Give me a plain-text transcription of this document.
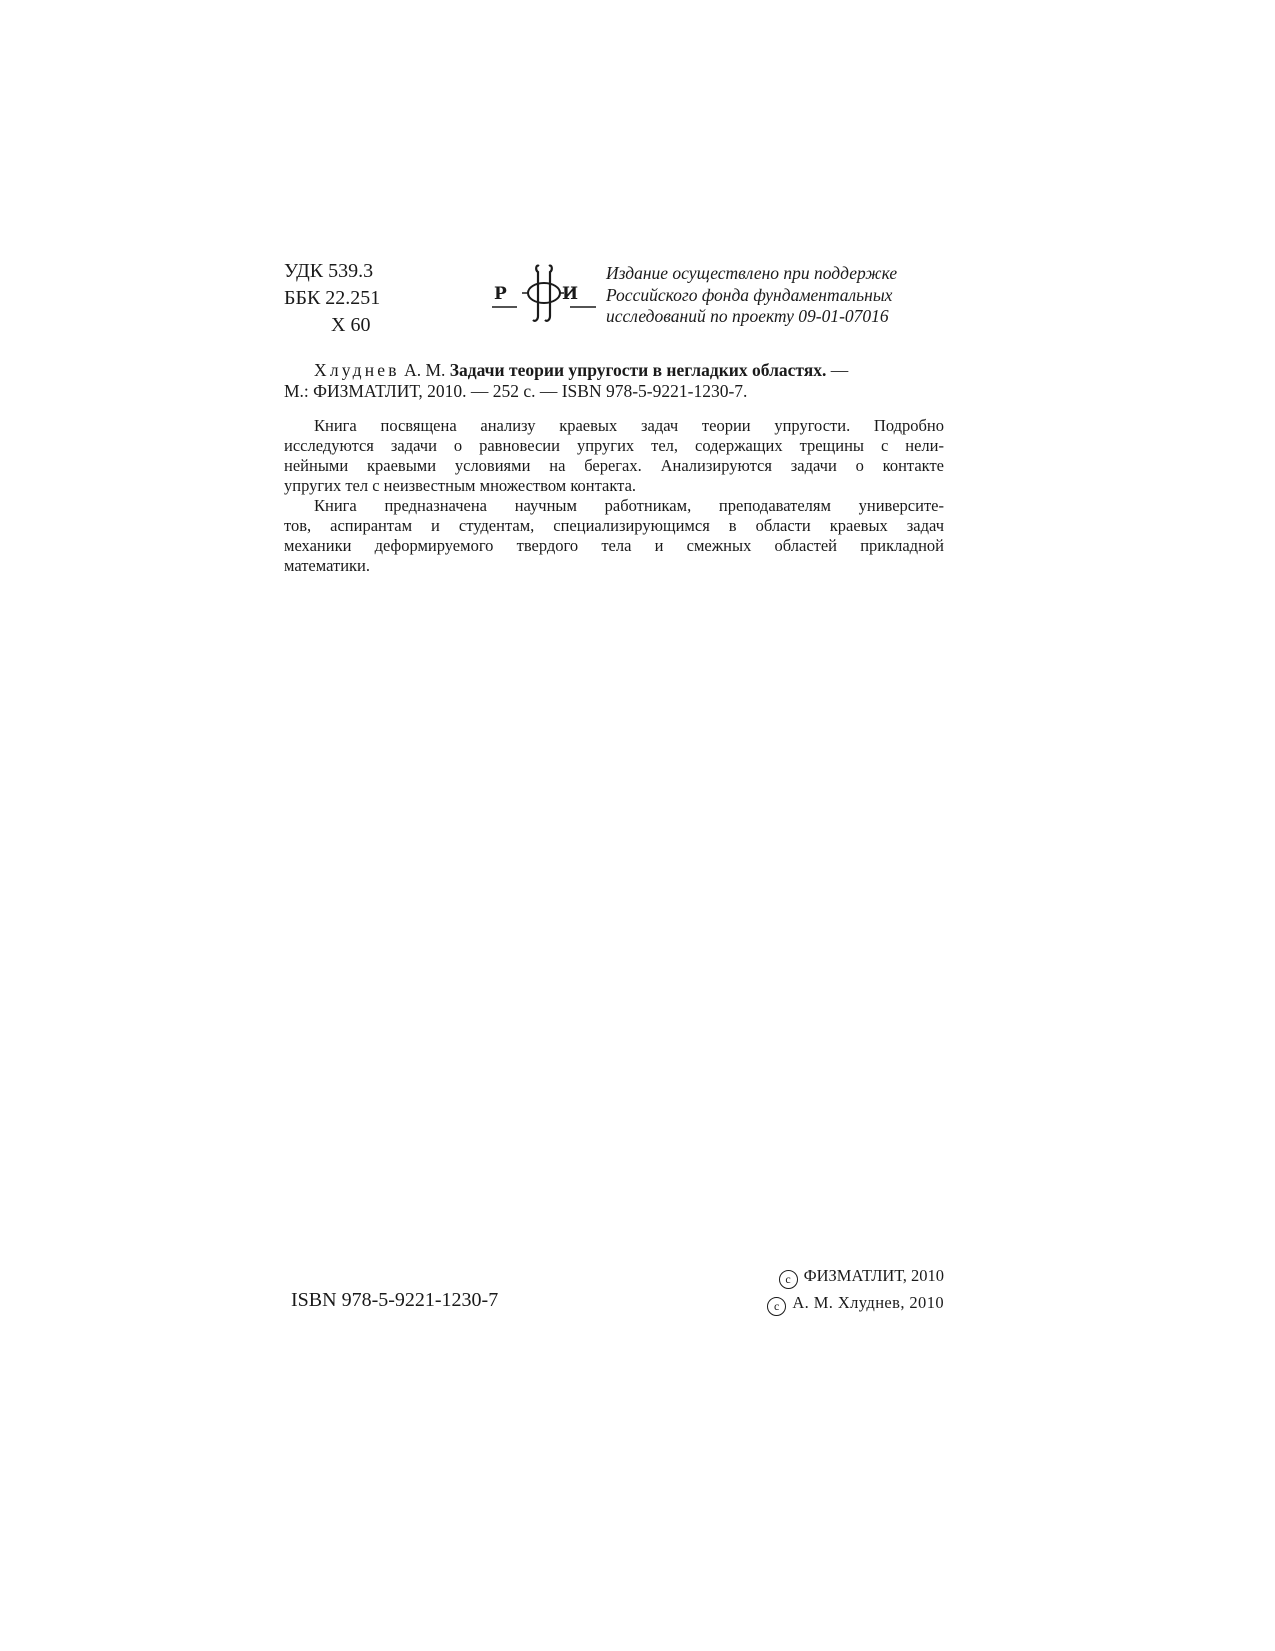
УДК 539.3
ББК 22.251
Х 60
Р	И
Издание осуществлено при поддержке
Российского фонда фундаментальных
исследований по проекту 09-01-07016
Хлуднев А. М. Задачи теории упругости в негладких областях. —
М.: ФИЗМАТЛИТ, 2010. — 252 с. — ISBN 978-5-9221-1230-7.
Книга посвящена анализу краевых задач теории упругости. Подробно
исследуются задачи о равновесии упругих тел, содержащих трещины с нели-
нейными краевыми условиями на берегах. Анализируются задачи о контакте
упругих тел с неизвестным множеством контакта.
Книга предназначена научным работникам, преподавателям университе-
тов, аспирантам и студентам, специализирующимся в области краевых задач
механики деформируемого твердого тела и смежных областей прикладной
математики.
ISBN 978-5-9221-1230-7
c ФИЗМАТЛИТ, 2010
c А. М. Хлуднев, 2010
